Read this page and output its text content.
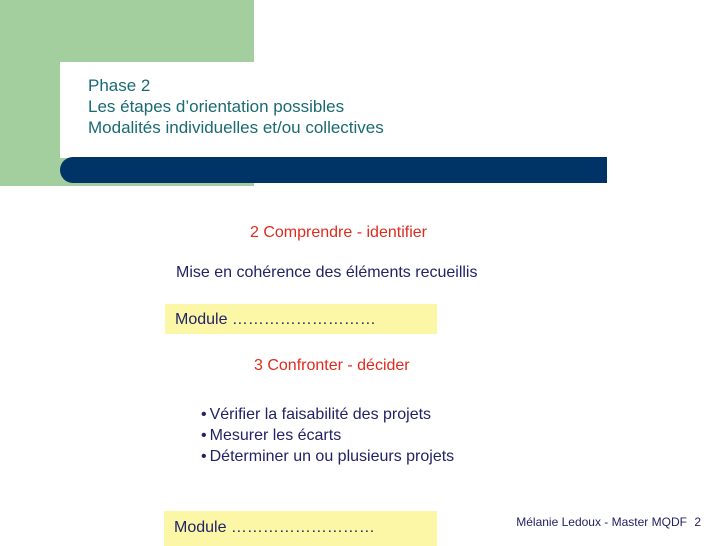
Phase 2
Les étapes d’orientation possibles
Modalités individuelles et/ou collectives
2 Comprendre - identifier
Mise en cohérence des éléments recueillis
Module ………………………
3 Confronter - décider
• Vérifier la faisabilité des projets
• Mesurer les écarts
• Déterminer un ou plusieurs projets
Module ………………………	Mélanie Ledoux - Master MQDF 2
